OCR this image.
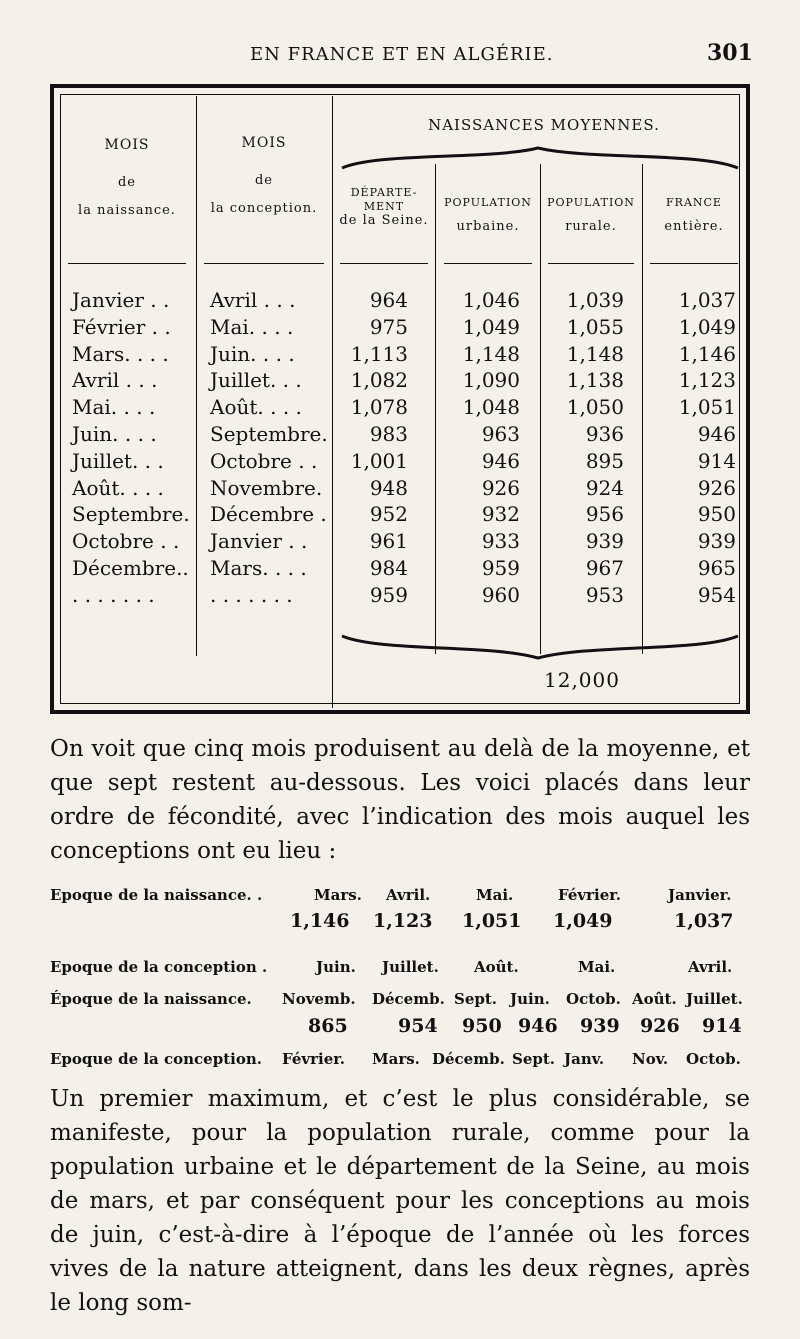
EN FRANCE ET EN ALGÉRIE.	301
MOIS
de
la naissance.
MOIS
de
la conception.
NAISSANCES MOYENNES.
DÉPARTE-
MENT
de la Seine.
POPULATION
urbaine.
POPULATION
rurale.
FRANCE
entière.
Janvier . .	Avril . . .	964	1,046	1,039	1,037
Février . .	Mai. . . .	975	1,049	1,055	1,049
Mars. . . .	Juin. . . .	1,113	1,148	1,148	1,146
Avril . . .	Juillet. . .	1,082	1,090	1,138	1,123
Mai. . . .	Août. . . .	1,078	1,048	1,050	1,051
Juin. . . .	Septembre.	983	963	936	946
Juillet. . .	Octobre . .	1,001	946	895	914
Août. . . .	Novembre.	948	926	924	926
Septembre. Décembre .	952	932	956	950
Octobre . .	Janvier . .	961	933	939	939
Décembre.. Mars. . . .	984	959	967	965
. . . . . . .	. . . . . . .	959	960	953	954
12,000
On voit que cinq mois produisent au delà de la moyenne, et que sept restent au-dessous. Les voici placés dans leur ordre de fécondité, avec l’indication des mois auquel les conceptions ont eu lieu :
Epoque de la naissance. .	Mars. Avril.	Mai.	Février.	Janvier.
1,146 1,123 1,051 1,049	1,037
Epoque de la conception .	Juin. Juillet. Août.	Mai.	Avril.
Époque de la naissance. Novemb. Décemb. Sept. Juin. Octob. Août. Juillet.
865	954 950 946 939 926 914
Epoque de la conception. Février. Mars. Décemb. Sept. Janv. Nov. Octob.
Un premier maximum, et c’est le plus considérable, se manifeste, pour la population rurale, comme pour la population urbaine et le département de la Seine, au mois de mars, et par conséquent pour les conceptions au mois de juin, c’est-à-dire à l’époque de l’année où les forces vives de la nature atteignent, dans les deux règnes, après le long som-
